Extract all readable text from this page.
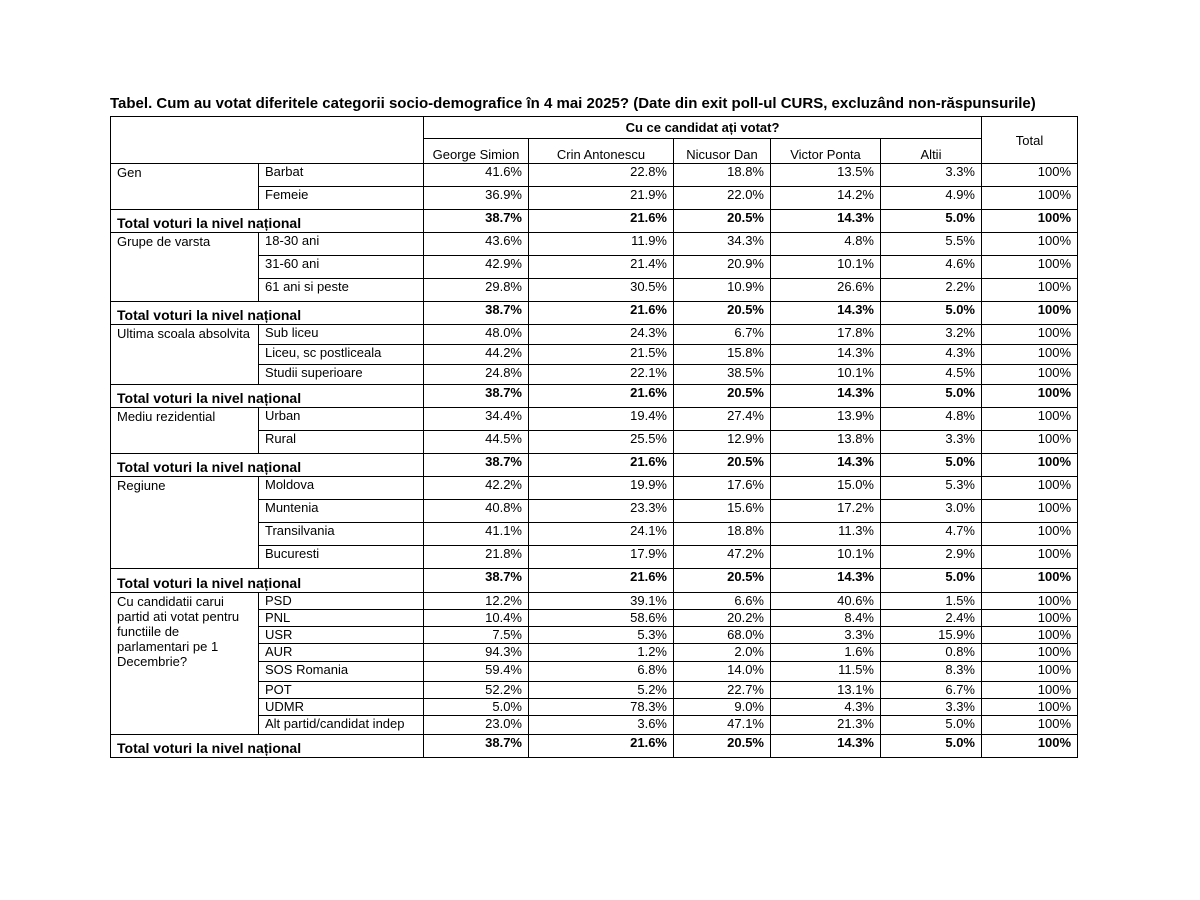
Tabel. Cum au votat diferitele categorii socio-demografice în 4 mai 2025? (Date din exit poll-ul CURS, excluzând non-răspunsurile)
		Cu ce candidat ați votat?					Total
		George Simion	Crin Antonescu	Nicusor Dan	Victor Ponta	Altii	
Gen	Barbat	41.6%	22.8%	18.8%	13.5%	3.3%	100%
	Femeie	36.9%	21.9%	22.0%	14.2%	4.9%	100%
Total voturi la nivel național		38.7%	21.6%	20.5%	14.3%	5.0%	100%
Grupe de varsta	18-30 ani	43.6%	11.9%	34.3%	4.8%	5.5%	100%
	31-60 ani	42.9%	21.4%	20.9%	10.1%	4.6%	100%
	61 ani si peste	29.8%	30.5%	10.9%	26.6%	2.2%	100%
Total voturi la nivel național		38.7%	21.6%	20.5%	14.3%	5.0%	100%
Ultima scoala absolvita	Sub liceu	48.0%	24.3%	6.7%	17.8%	3.2%	100%
	Liceu, sc postliceala	44.2%	21.5%	15.8%	14.3%	4.3%	100%
	Studii superioare	24.8%	22.1%	38.5%	10.1%	4.5%	100%
Total voturi la nivel național		38.7%	21.6%	20.5%	14.3%	5.0%	100%
Mediu rezidential	Urban	34.4%	19.4%	27.4%	13.9%	4.8%	100%
	Rural	44.5%	25.5%	12.9%	13.8%	3.3%	100%
Total voturi la nivel național		38.7%	21.6%	20.5%	14.3%	5.0%	100%
Regiune	Moldova	42.2%	19.9%	17.6%	15.0%	5.3%	100%
	Muntenia	40.8%	23.3%	15.6%	17.2%	3.0%	100%
	Transilvania	41.1%	24.1%	18.8%	11.3%	4.7%	100%
	Bucuresti	21.8%	17.9%	47.2%	10.1%	2.9%	100%
Total voturi la nivel național		38.7%	21.6%	20.5%	14.3%	5.0%	100%
Cu candidatii carui partid ati votat pentru functiile de parlamentari pe 1 Decembrie?	PSD	12.2%	39.1%	6.6%	40.6%	1.5%	100%
	PNL	10.4%	58.6%	20.2%	8.4%	2.4%	100%
	USR	7.5%	5.3%	68.0%	3.3%	15.9%	100%
	AUR	94.3%	1.2%	2.0%	1.6%	0.8%	100%
	SOS Romania	59.4%	6.8%	14.0%	11.5%	8.3%	100%
	POT	52.2%	5.2%	22.7%	13.1%	6.7%	100%
	UDMR	5.0%	78.3%	9.0%	4.3%	3.3%	100%
	Alt partid/candidat indep	23.0%	3.6%	47.1%	21.3%	5.0%	100%
Total voturi la nivel național		38.7%	21.6%	20.5%	14.3%	5.0%	100%
